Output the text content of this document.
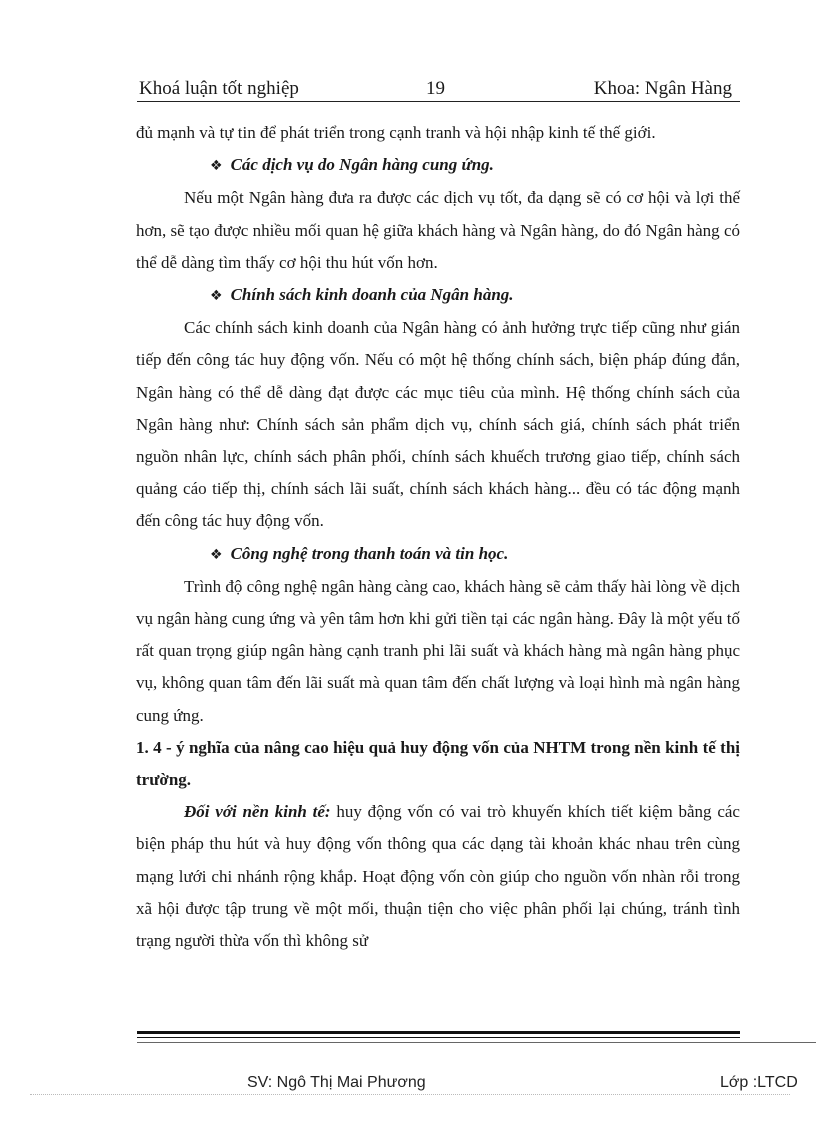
Khoá luận tốt nghiệp	19	Khoa: Ngân Hàng

đủ mạnh và tự tin để phát triển trong cạnh tranh và hội nhập kinh tế thế giới.

❖ Các dịch vụ do Ngân hàng cung ứng.

Nếu một Ngân hàng đưa ra được các dịch vụ tốt, đa dạng sẽ có cơ hội và lợi thế hơn, sẽ tạo được nhiều mối quan hệ giữa khách hàng và Ngân hàng, do đó Ngân hàng có thể dễ dàng tìm thấy cơ hội thu hút vốn hơn.

❖ Chính sách kinh doanh của Ngân hàng.

Các chính sách kinh doanh của Ngân hàng có ảnh hưởng trực tiếp cũng như gián tiếp đến công tác huy động vốn. Nếu có một hệ thống chính sách, biện pháp đúng đắn, Ngân hàng có thể dễ dàng đạt được các mục tiêu của mình. Hệ thống chính sách của Ngân hàng như: Chính sách sản phẩm dịch vụ, chính sách giá, chính sách phát triển nguồn nhân lực, chính sách phân phối, chính sách khuếch trương giao tiếp, chính sách quảng cáo tiếp thị, chính sách lãi suất, chính sách khách hàng... đều có tác động mạnh đến công tác huy động vốn.

❖ Công nghệ trong thanh toán và tin học.

Trình độ công nghệ ngân hàng càng cao, khách hàng sẽ cảm thấy hài lòng về dịch vụ ngân hàng cung ứng và yên tâm hơn khi gửi tiền tại các ngân hàng. Đây là một yếu tố rất quan trọng giúp ngân hàng cạnh tranh phi lãi suất và khách hàng mà ngân hàng phục vụ, không quan tâm đến lãi suất mà quan tâm đến chất lượng và loại hình mà ngân hàng cung ứng.

1. 4 - ý nghĩa của nâng cao hiệu quả huy động vốn của NHTM trong nền kinh tế thị trường.

Đối với nền kinh tế: huy động vốn có vai trò khuyến khích tiết kiệm bằng các biện pháp thu hút và huy động vốn thông qua các dạng tài khoản khác nhau trên cùng mạng lưới chi nhánh rộng khắp. Hoạt động vốn còn giúp cho nguồn vốn nhàn rỗi trong xã hội được tập trung về một mối, thuận tiện cho việc phân phối lại chúng, tránh tình trạng người thừa vốn thì không sử

SV: Ngô Thị Mai Phương	Lớp :LTCD
